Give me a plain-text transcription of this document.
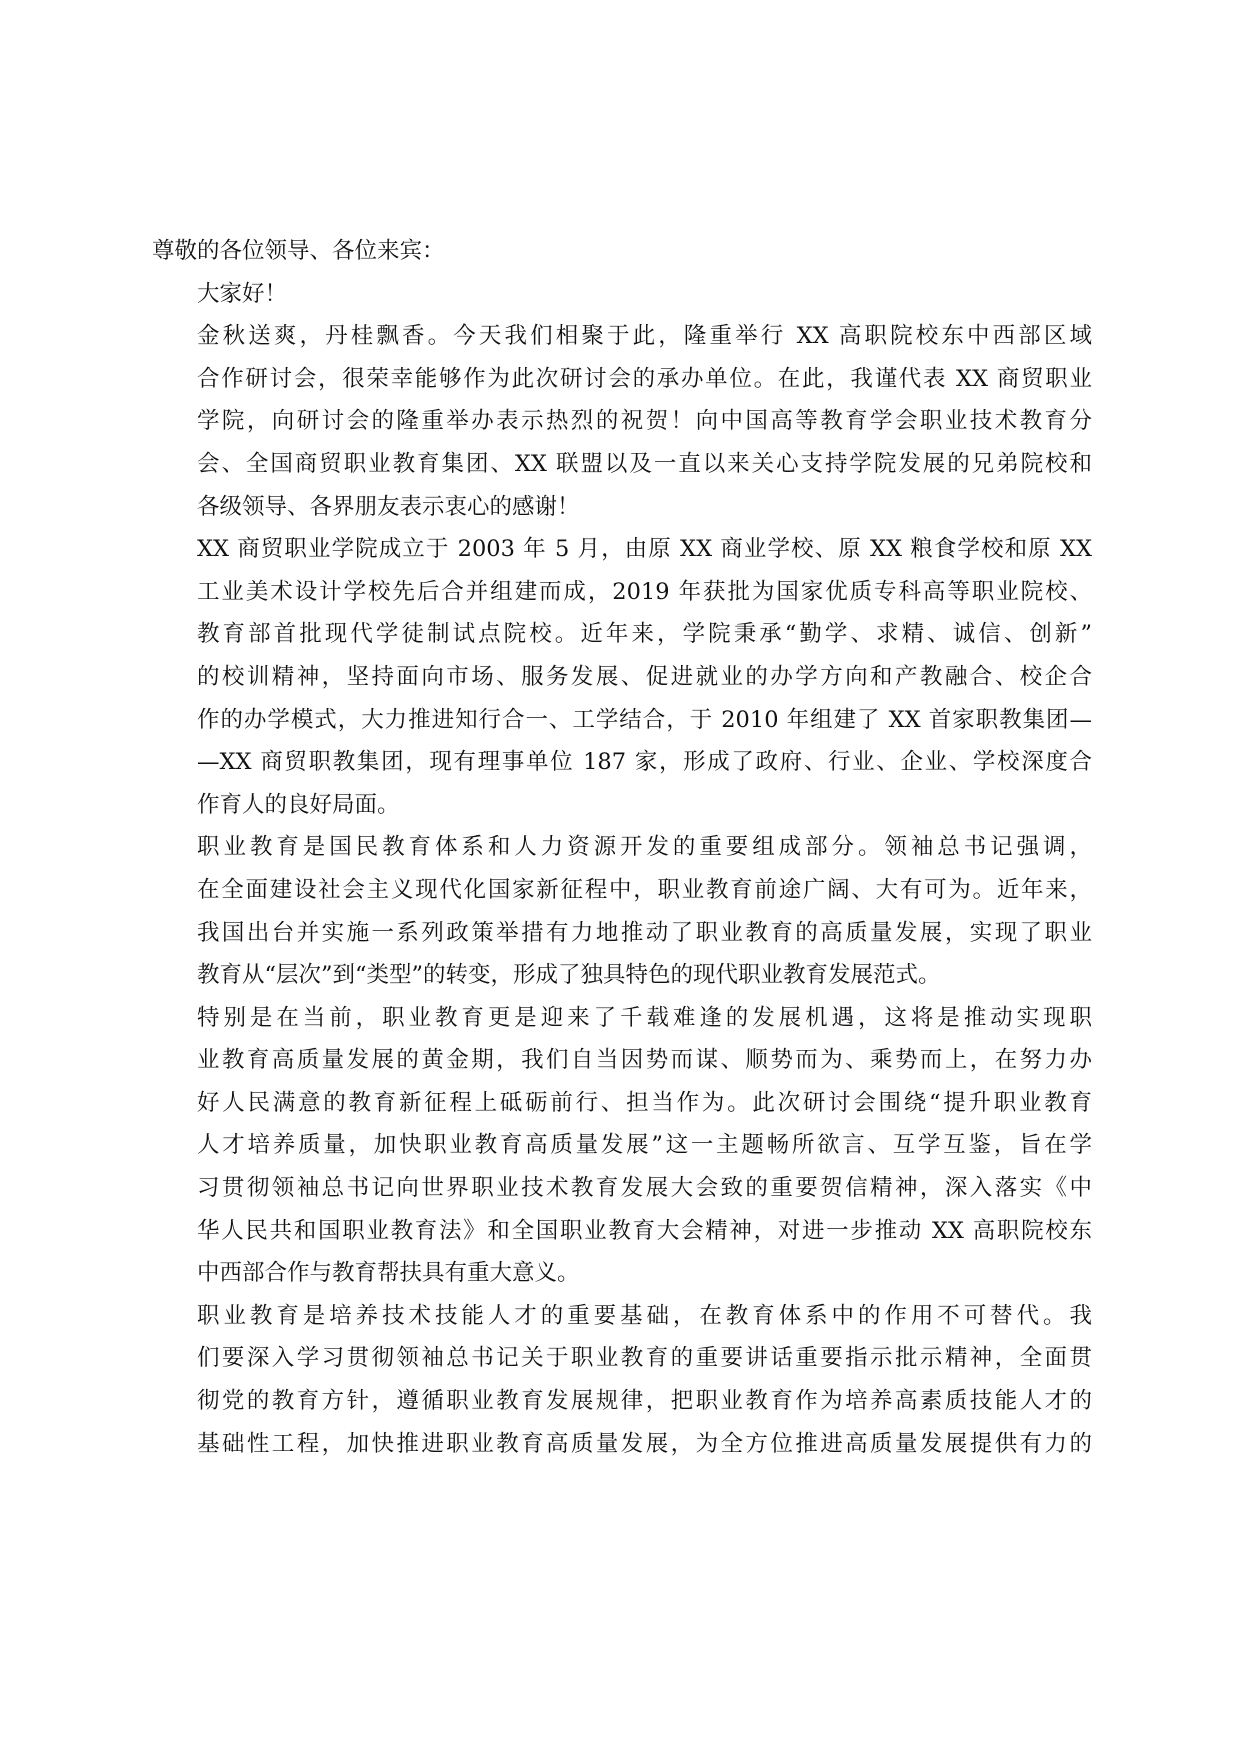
尊敬的各位领导、各位来宾：

大家好！

金秋送爽，丹桂飘香。今天我们相聚于此，隆重举行 XX 高职院校东中西部区域
合作研讨会，很荣幸能够作为此次研讨会的承办单位。在此，我谨代表 XX 商贸职业
学院，向研讨会的隆重举办表示热烈的祝贺！向中国高等教育学会职业技术教育分
会、全国商贸职业教育集团、XX 联盟以及一直以来关心支持学院发展的兄弟院校和
各级领导、各界朋友表示衷心的感谢！

XX 商贸职业学院成立于 2003 年 5 月，由原 XX 商业学校、原 XX 粮食学校和原 XX
工业美术设计学校先后合并组建而成，2019 年获批为国家优质专科高等职业院校、
教育部首批现代学徒制试点院校。近年来，学院秉承“勤学、求精、诚信、创新”
的校训精神，坚持面向市场、服务发展、促进就业的办学方向和产教融合、校企合
作的办学模式，大力推进知行合一、工学结合，于 2010 年组建了 XX 首家职教集团—
—XX 商贸职教集团，现有理事单位 187 家，形成了政府、行业、企业、学校深度合
作育人的良好局面。

职业教育是国民教育体系和人力资源开发的重要组成部分。领袖总书记强调，
在全面建设社会主义现代化国家新征程中，职业教育前途广阔、大有可为。近年来，
我国出台并实施一系列政策举措有力地推动了职业教育的高质量发展，实现了职业
教育从“层次”到“类型”的转变，形成了独具特色的现代职业教育发展范式。

特别是在当前，职业教育更是迎来了千载难逢的发展机遇，这将是推动实现职
业教育高质量发展的黄金期，我们自当因势而谋、顺势而为、乘势而上，在努力办
好人民满意的教育新征程上砥砺前行、担当作为。此次研讨会围绕“提升职业教育
人才培养质量，加快职业教育高质量发展”这一主题畅所欲言、互学互鉴，旨在学
习贯彻领袖总书记向世界职业技术教育发展大会致的重要贺信精神，深入落实《中
华人民共和国职业教育法》和全国职业教育大会精神，对进一步推动 XX 高职院校东
中西部合作与教育帮扶具有重大意义。

职业教育是培养技术技能人才的重要基础，在教育体系中的作用不可替代。我
们要深入学习贯彻领袖总书记关于职业教育的重要讲话重要指示批示精神，全面贯
彻党的教育方针，遵循职业教育发展规律，把职业教育作为培养高素质技能人才的
基础性工程，加快推进职业教育高质量发展，为全方位推进高质量发展提供有力的
